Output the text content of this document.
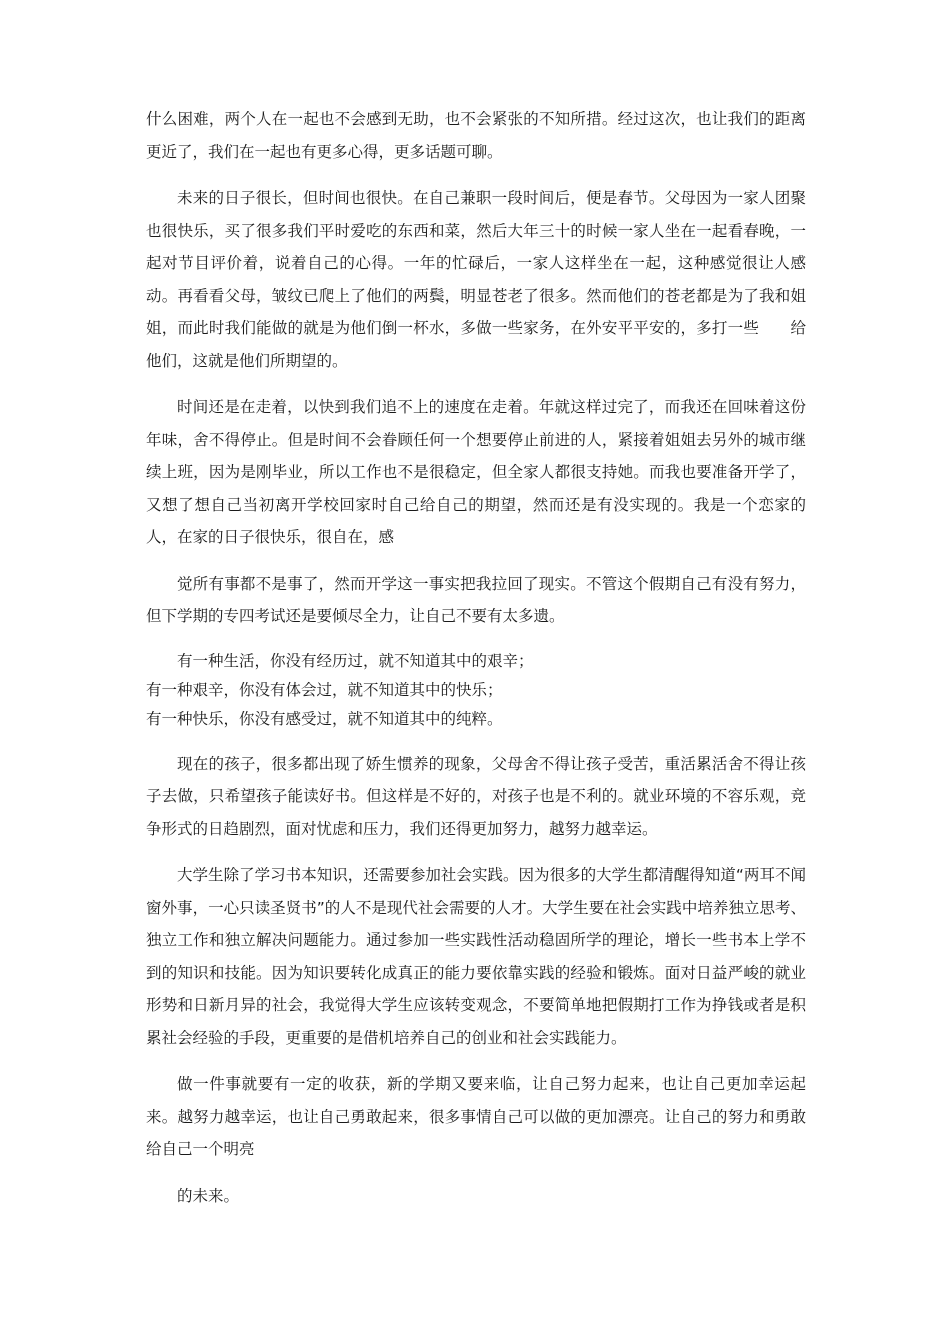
什么困难，两个人在一起也不会感到无助，也不会紧张的不知所措。经过这次，也让我们的距离更近了，我们在一起也有更多心得，更多话题可聊。

未来的日子很长，但时间也很快。在自己兼职一段时间后，便是春节。父母因为一家人团聚也很快乐，买了很多我们平时爱吃的东西和菜，然后大年三十的时候一家人坐在一起看春晚，一起对节目评价着，说着自己的心得。一年的忙碌后，一家人这样坐在一起，这种感觉很让人感动。再看看父母，皱纹已爬上了他们的两鬓，明显苍老了很多。然而他们的苍老都是为了我和姐姐，而此时我们能做的就是为他们倒一杯水，多做一些家务，在外安平平安的，多打一些　　给他们，这就是他们所期望的。

时间还是在走着，以快到我们追不上的速度在走着。年就这样过完了，而我还在回味着这份年味，舍不得停止。但是时间不会眷顾任何一个想要停止前进的人，紧接着姐姐去另外的城市继续上班，因为是刚毕业，所以工作也不是很稳定，但全家人都很支持她。而我也要准备开学了，又想了想自己当初离开学校回家时自己给自己的期望，然而还是有没实现的。我是一个恋家的人，在家的日子很快乐，很自在，感

觉所有事都不是事了，然而开学这一事实把我拉回了现实。不管这个假期自己有没有努力，但下学期的专四考试还是要倾尽全力，让自己不要有太多遗。

有一种生活，你没有经历过，就不知道其中的艰辛；
有一种艰辛，你没有体会过，就不知道其中的快乐；
有一种快乐，你没有感受过，就不知道其中的纯粹。

现在的孩子，很多都出现了娇生惯养的现象，父母舍不得让孩子受苦，重活累活舍不得让孩子去做，只希望孩子能读好书。但这样是不好的，对孩子也是不利的。就业环境的不容乐观，竞争形式的日趋剧烈，面对忧虑和压力，我们还得更加努力，越努力越幸运。

大学生除了学习书本知识，还需要参加社会实践。因为很多的大学生都清醒得知道“两耳不闻窗外事，一心只读圣贤书”的人不是现代社会需要的人才。大学生要在社会实践中培养独立思考、独立工作和独立解决问题能力。通过参加一些实践性活动稳固所学的理论，增长一些书本上学不到的知识和技能。因为知识要转化成真正的能力要依靠实践的经验和锻炼。面对日益严峻的就业形势和日新月异的社会，我觉得大学生应该转变观念，不要简单地把假期打工作为挣钱或者是积累社会经验的手段，更重要的是借机培养自己的创业和社会实践能力。

做一件事就要有一定的收获，新的学期又要来临，让自己努力起来，也让自己更加幸运起来。越努力越幸运，也让自己勇敢起来，很多事情自己可以做的更加漂亮。让自己的努力和勇敢给自己一个明亮

的未来。
